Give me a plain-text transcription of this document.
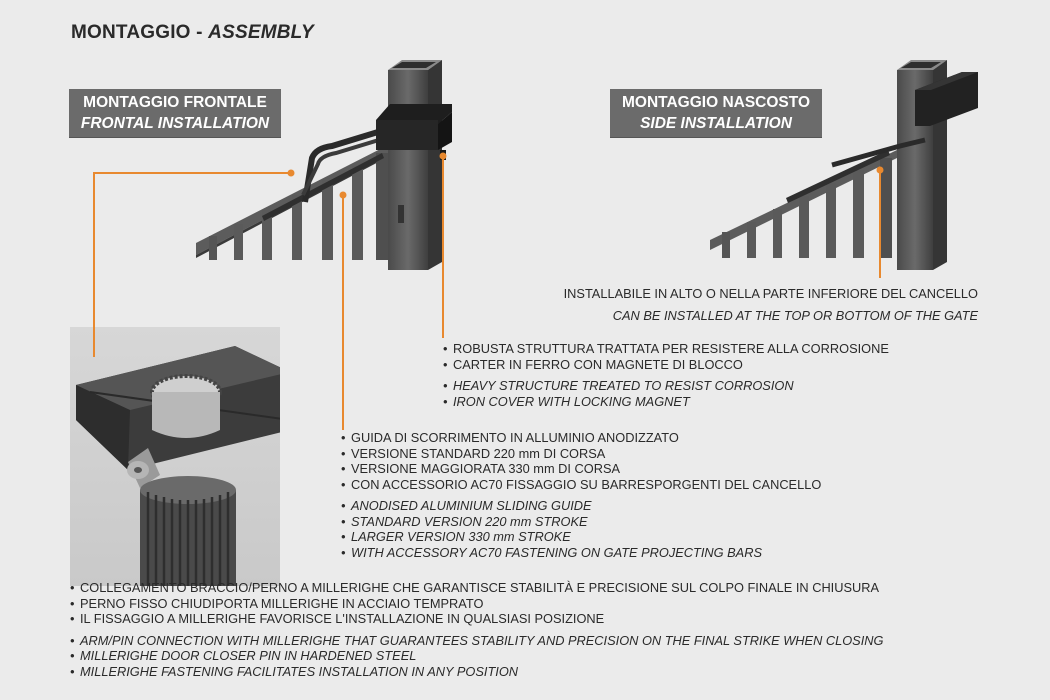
MONTAGGIO - ASSEMBLY
MONTAGGIO FRONTALE
FRONTAL INSTALLATION
MONTAGGIO NASCOSTO
SIDE INSTALLATION
INSTALLABILE IN ALTO O NELLA PARTE INFERIORE DEL CANCELLO
CAN BE INSTALLED AT THE TOP OR BOTTOM OF THE GATE
• ROBUSTA STRUTTURA TRATTATA PER RESISTERE ALLA CORROSIONE
• CARTER IN FERRO CON MAGNETE DI BLOCCO
• HEAVY STRUCTURE TREATED TO RESIST CORROSION
• IRON COVER WITH LOCKING MAGNET
• GUIDA DI SCORRIMENTO IN ALLUMINIO ANODIZZATO
• VERSIONE STANDARD 220 mm DI CORSA
• VERSIONE MAGGIORATA 330 mm DI CORSA
• CON ACCESSORIO AC70 FISSAGGIO SU BARRESPORGENTI DEL CANCELLO
• ANODISED ALUMINIUM SLIDING GUIDE
• STANDARD VERSION 220 mm STROKE
• LARGER VERSION 330 mm STROKE
• WITH ACCESSORY AC70 FASTENING ON GATE PROJECTING BARS
• COLLEGAMENTO BRACCIO/PERNO A MILLERIGHE CHE GARANTISCE STABILITÀ E PRECISIONE SUL COLPO FINALE IN CHIUSURA
• PERNO FISSO CHIUDIPORTA MILLERIGHE IN ACCIAIO TEMPRATO
• IL FISSAGGIO A MILLERIGHE FAVORISCE L'INSTALLAZIONE IN QUALSIASI POSIZIONE
• ARM/PIN CONNECTION WITH MILLERIGHE THAT GUARANTEES STABILITY AND PRECISION ON THE FINAL STRIKE WHEN CLOSING
• MILLERIGHE DOOR CLOSER PIN IN HARDENED STEEL
• MILLERIGHE FASTENING FACILITATES INSTALLATION IN ANY POSITION
